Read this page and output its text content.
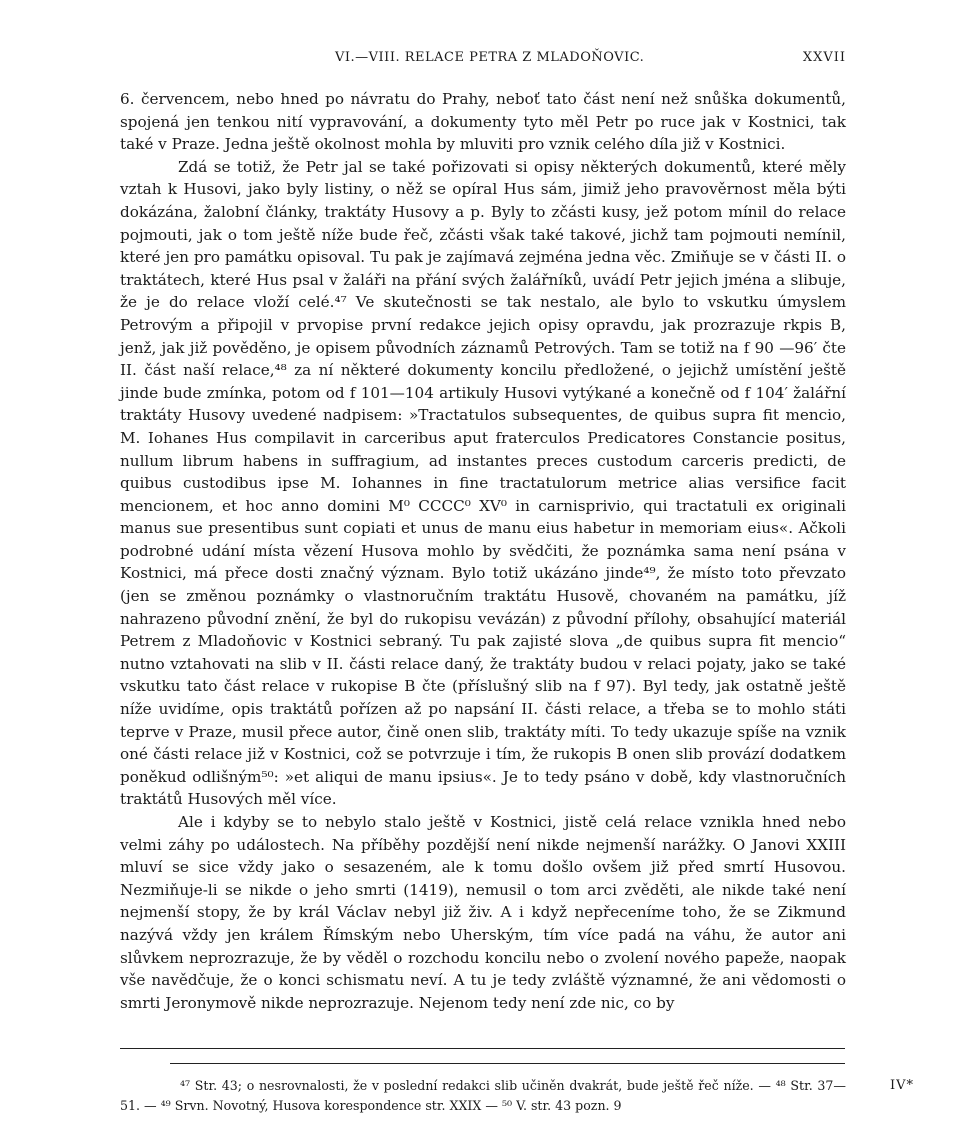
VI.—VIII. RELACE PETRA Z MLADOŇOVIC.	XXVII

6. červencem, nebo hned po návratu do Prahy, neboť tato část není než snůška dokumentů, spojená jen tenkou nití vypravování, a dokumenty tyto měl Petr po ruce jak v Kostnici, tak také v Praze. Jedna ještě okolnost mohla by mluviti pro vznik celého díla již v Kostnici.

Zdá se totiž, že Petr jal se také pořizovati si opisy některých dokumentů, které měly vztah k Husovi, jako byly listiny, o něž se opíral Hus sám, jimiž jeho pravověrnost měla býti dokázána, žalobní články, traktáty Husovy a p. Byly to zčásti kusy, jež potom mínil do relace pojmouti, jak o tom ještě níže bude řeč, zčásti však také takové, jichž tam pojmouti nemínil, které jen pro památku opisoval. Tu pak je zajímavá zejména jedna věc. Zmiňuje se v části II. o traktátech, které Hus psal v žaláři na přání svých žalářníků, uvádí Petr jejich jména a slibuje, že je do relace vloží celé.⁴⁷ Ve skutečnosti se tak nestalo, ale bylo to vskutku úmyslem Petrovým a připojil v prvopise první redakce jejich opisy opravdu, jak prozrazuje rkpis B, jenž, jak již pověděno, je opisem původních záznamů Petrových. Tam se totiž na f 90 —96′ čte II. část naší relace,⁴⁸ za ní některé dokumenty koncilu předložené, o jejichž umístění ještě jinde bude zmínka, potom od f 101—104 artikuly Husovi vytýkané a konečně od f 104′ žalářní traktáty Husovy uvedené nadpisem: »Tractatulos subsequentes, de quibus supra fit mencio, M. Iohanes Hus compilavit in carceribus aput fraterculos Predicatores Constancie positus, nullum librum habens in suffragium, ad instantes preces custodum carceris predicti, de quibus custodibus ipse M. Iohannes in fine tractatulorum metrice alias versifice facit mencionem, et hoc anno domini M⁰ CCCC⁰ XV⁰ in carnisprivio, qui tractatuli ex originali manus sue presentibus sunt copiati et unus de manu eius habetur in memoriam eius«. Ačkoli podrobné udání místa vězení Husova mohlo by svědčiti, že poznámka sama není psána v Kostnici, má přece dosti značný význam. Bylo totiž ukázáno jinde⁴⁹, že místo toto převzato (jen se změnou poznámky o vlastnoručním traktátu Husově, chovaném na památku, jíž nahrazeno původní znění, že byl do rukopisu vevázán) z původní přílohy, obsahující materiál Petrem z Mladoňovic v Kostnici sebraný. Tu pak zajisté slova „de quibus supra fit mencio“ nutno vztahovati na slib v II. části relace daný, že traktáty budou v relaci pojaty, jako se také vskutku tato část relace v rukopise B čte (příslušný slib na f 97). Byl tedy, jak ostatně ještě níže uvidíme, opis traktátů pořízen až po napsání II. části relace, a třeba se to mohlo státi teprve v Praze, musil přece autor, čině onen slib, traktáty míti. To tedy ukazuje spíše na vznik oné části relace již v Kostnici, což se potvrzuje i tím, že rukopis B onen slib provází dodatkem poněkud odlišným⁵⁰: »et aliqui de manu ipsius«. Je to tedy psáno v době, kdy vlastnoručních traktátů Husových měl více.

Ale i kdyby se to nebylo stalo ještě v Kostnici, jistě celá relace vznikla hned nebo velmi záhy po událostech. Na příběhy pozdější není nikde nejmenší narážky. O Janovi XXIII mluví se sice vždy jako o sesazeném, ale k tomu došlo ovšem již před smrtí Husovou. Nezmiňuje-li se nikde o jeho smrti (1419), nemusil o tom arci zvěděti, ale nikde také není nejmenší stopy, že by král Václav nebyl již živ. A i když nepřeceníme toho, že se Zikmund nazývá vždy jen králem Římským nebo Uherským, tím více padá na váhu, že autor ani slůvkem neprozrazuje, že by věděl o rozchodu koncilu nebo o zvolení nového papeže, naopak vše navědčuje, že o konci schismatu neví. A tu je tedy zvláště významné, že ani vědomosti o smrti Jeronymově nikde neprozrazuje. Nejenom tedy není zde nic, co by

⁴⁷ Str. 43; o nesrovnalosti, že v poslední redakci slib učiněn dvakrát, bude ještě řeč níže. — ⁴⁸ Str. 37—51. — ⁴⁹ Srvn. Novotný, Husova korespondence str. XXIX — ⁵⁰ V. str. 43 pozn. 9

IV*
